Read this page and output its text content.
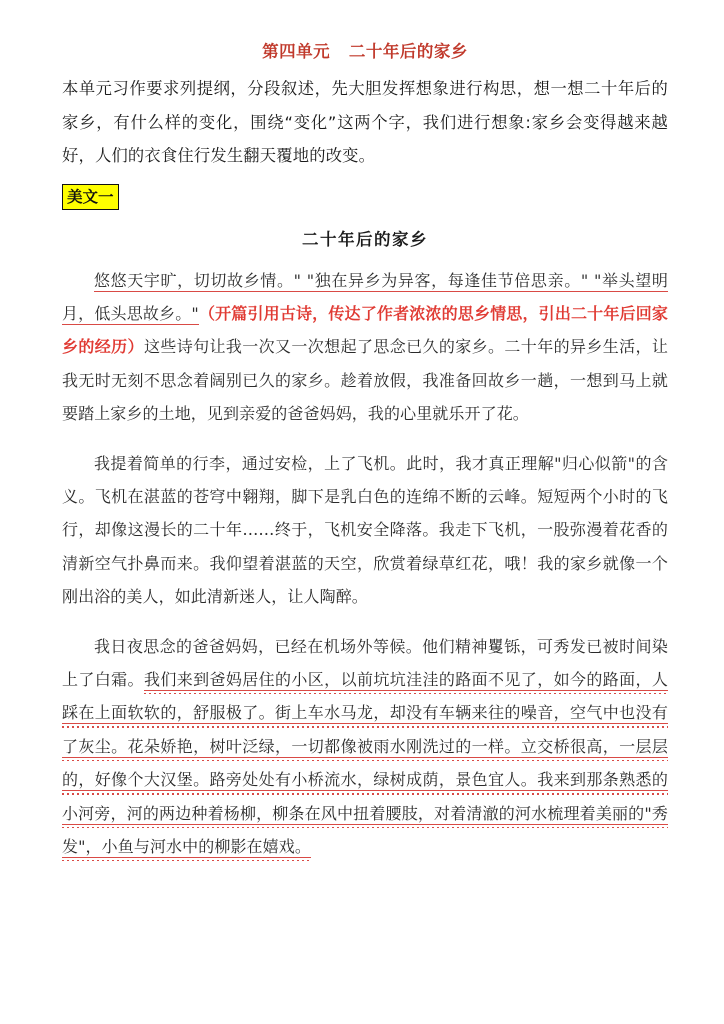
第四单元   二十年后的家乡
本单元习作要求列提纲，分段叙述，先大胆发挥想象进行构思，想一想二十年后的家乡，有什么样的变化，围绕“变化”这两个字，我们进行想象:家乡会变得越来越好，人们的衣食住行发生翻天覆地的改变。
美文一
二十年后的家乡

悠悠天宇旷，切切故乡情。" "独在异乡为异客，每逢佳节倍思亲。" "举头望明月，低头思故乡。"（开篇引用古诗，传达了作者浓浓的思乡情思，引出二十年后回家乡的经历）这些诗句让我一次又一次想起了思念已久的家乡。二十年的异乡生活，让我无时无刻不思念着阔别已久的家乡。趁着放假，我准备回故乡一趟，一想到马上就要踏上家乡的土地，见到亲爱的爸爸妈妈，我的心里就乐开了花。

我提着简单的行李，通过安检，上了飞机。此时，我才真正理解"归心似箭"的含义。飞机在湛蓝的苍穹中翱翔，脚下是乳白色的连绵不断的云峰。短短两个小时的飞行，却像这漫长的二十年……终于，飞机安全降落。我走下飞机，一股弥漫着花香的清新空气扑鼻而来。我仰望着湛蓝的天空，欣赏着绿草红花，哦！我的家乡就像一个刚出浴的美人，如此清新迷人，让人陶醉。

我日夜思念的爸爸妈妈，已经在机场外等候。他们精神矍铄，可秀发已被时间染上了白霜。我们来到爸妈居住的小区，以前坑坑洼洼的路面不见了，如今的路面，人踩在上面软软的，舒服极了。街上车水马龙，却没有车辆来往的噪音，空气中也没有了灰尘。花朵娇艳，树叶泛绿，一切都像被雨水刚洗过的一样。立交桥很高，一层层的，好像个大汉堡。路旁处处有小桥流水，绿树成荫，景色宜人。我来到那条熟悉的小河旁，河的两边种着杨柳，柳条在风中扭着腰肢，对着清澈的河水梳理着美丽的"秀发"，小鱼与河水中的柳影在嬉戏。
